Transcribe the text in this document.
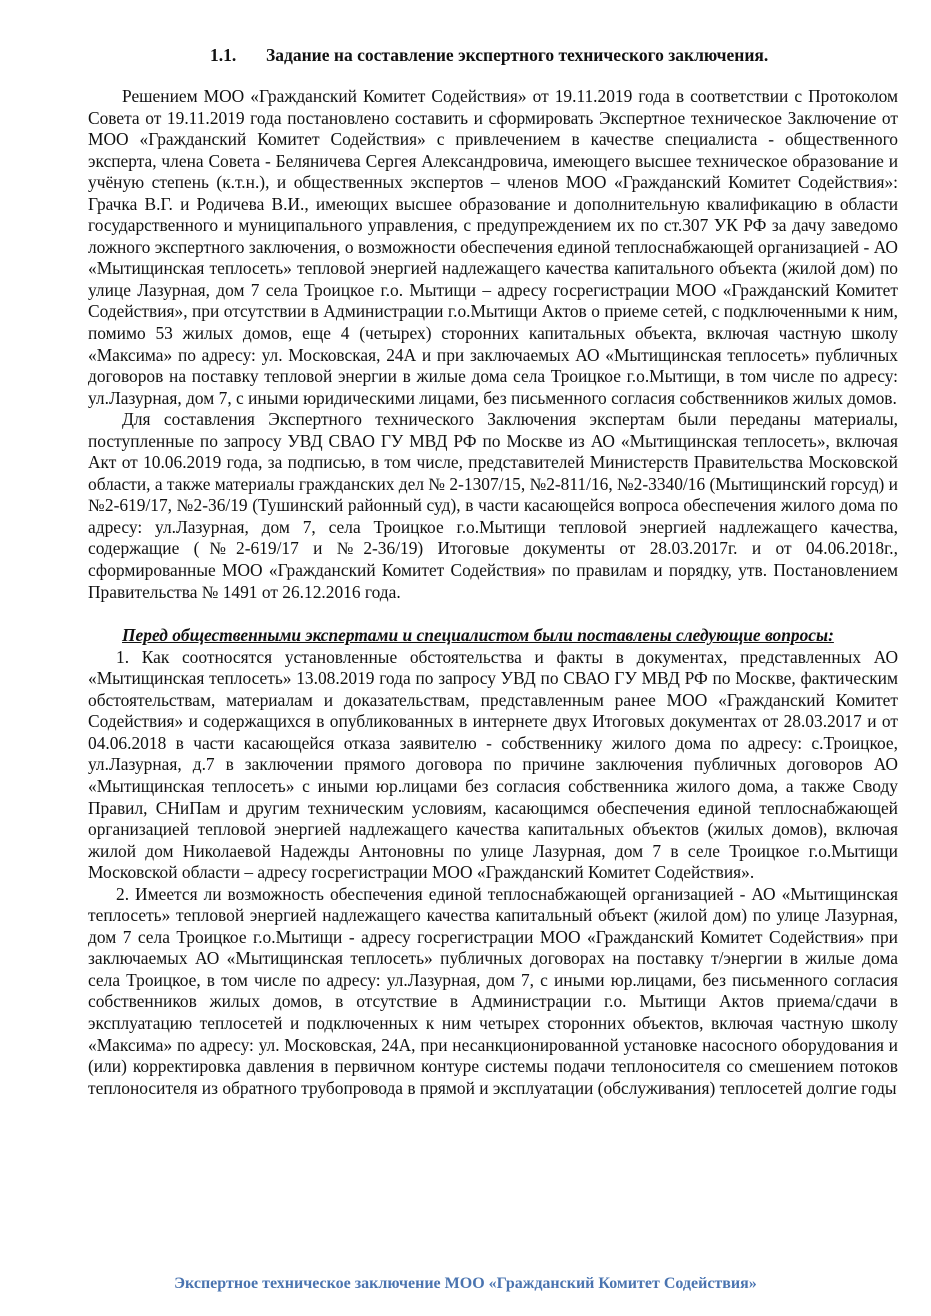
1.1. Задание на составление экспертного технического заключения.

Решением МОО «Гражданский Комитет Содействия» от 19.11.2019 года в соответствии с Протоколом Совета от 19.11.2019 года постановлено составить и сформировать Экспертное техническое Заключение от МОО «Гражданский Комитет Содействия» с привлечением в качестве специалиста - общественного эксперта, члена Совета - Беляничева Сергея Александровича, имеющего высшее техническое образование и учёную степень (к.т.н.), и общественных экспертов – членов МОО «Гражданский Комитет Содействия»: Грачка В.Г. и Родичева В.И., имеющих высшее образование и дополнительную квалификацию в области государственного и муниципального управления, с предупреждением их по ст.307 УК РФ за дачу заведомо ложного экспертного заключения, о возможности обеспечения единой теплоснабжающей организацией - АО «Мытищинская теплосеть» тепловой энергией надлежащего качества капитального объекта (жилой дом) по улице Лазурная, дом 7 села Троицкое г.о. Мытищи – адресу госрегистрации МОО «Гражданский Комитет Содействия», при отсутствии в Администрации г.о.Мытищи Актов о приеме сетей, с подключенными к ним, помимо 53 жилых домов, еще 4 (четырех) сторонних капитальных объекта, включая частную школу «Максима» по адресу: ул. Московская, 24А и при заключаемых АО «Мытищинская теплосеть» публичных договоров на поставку тепловой энергии в жилые дома села Троицкое г.о.Мытищи, в том числе по адресу: ул.Лазурная, дом 7, с иными юридическими лицами, без письменного согласия собственников жилых домов.

Для составления Экспертного технического Заключения экспертам были переданы материалы, поступленные по запросу УВД СВАО ГУ МВД РФ по Москве из АО «Мытищинская теплосеть», включая Акт от 10.06.2019 года, за подписью, в том числе, представителей Министерств Правительства Московской области, а также материалы гражданских дел № 2-1307/15, №2-811/16, №2-3340/16 (Мытищинский горсуд) и №2-619/17, №2-36/19 (Тушинский районный суд), в части касающейся вопроса обеспечения жилого дома по адресу: ул.Лазурная, дом 7, села Троицкое г.о.Мытищи тепловой энергией надлежащего качества, содержащие (№2-619/17 и №2-36/19) Итоговые документы от 28.03.2017г. и от 04.06.2018г., сформированные МОО «Гражданский Комитет Содействия» по правилам и порядку, утв. Постановлением Правительства № 1491 от 26.12.2016 года.

Перед общественными экспертами и специалистом были поставлены следующие вопросы:

1. Как соотносятся установленные обстоятельства и факты в документах, представленных АО «Мытищинская теплосеть» 13.08.2019 года по запросу УВД по СВАО ГУ МВД РФ по Москве, фактическим обстоятельствам, материалам и доказательствам, представленным ранее МОО «Гражданский Комитет Содействия» и содержащихся в опубликованных в интернете двух Итоговых документах от 28.03.2017 и от 04.06.2018 в части касающейся отказа заявителю - собственнику жилого дома по адресу: с.Троицкое, ул.Лазурная, д.7 в заключении прямого договора по причине заключения публичных договоров АО «Мытищинская теплосеть» с иными юр.лицами без согласия собственника жилого дома, а также Своду Правил, СНиПам и другим техническим условиям, касающимся обеспечения единой теплоснабжающей организацией тепловой энергией надлежащего качества капитальных объектов (жилых домов), включая жилой дом Николаевой Надежды Антоновны по улице Лазурная, дом 7 в селе Троицкое г.о.Мытищи Московской области – адресу госрегистрации МОО «Гражданский Комитет Содействия».
2. Имеется ли возможность обеспечения единой теплоснабжающей организацией - АО «Мытищинская теплосеть» тепловой энергией надлежащего качества капитальный объект (жилой дом) по улице Лазурная, дом 7 села Троицкое г.о.Мытищи - адресу госрегистрации МОО «Гражданский Комитет Содействия» при заключаемых АО «Мытищинская теплосеть» публичных договорах на поставку т/энергии в жилые дома села Троицкое, в том числе по адресу: ул.Лазурная, дом 7, с иными юр.лицами, без письменного согласия собственников жилых домов, в отсутствие в Администрации г.о. Мытищи Актов приема/сдачи в эксплуатацию теплосетей и подключенных к ним четырех сторонних объектов, включая частную школу «Максима» по адресу: ул. Московская, 24А, при несанкционированной установке насосного оборудования и (или) корректировка давления в первичном контуре системы подачи теплоносителя со смешением потоков теплоносителя из обратного трубопровода в прямой и эксплуатации (обслуживания) теплосетей долгие годы
Экспертное техническое заключение МОО «Гражданский Комитет Содействия»
